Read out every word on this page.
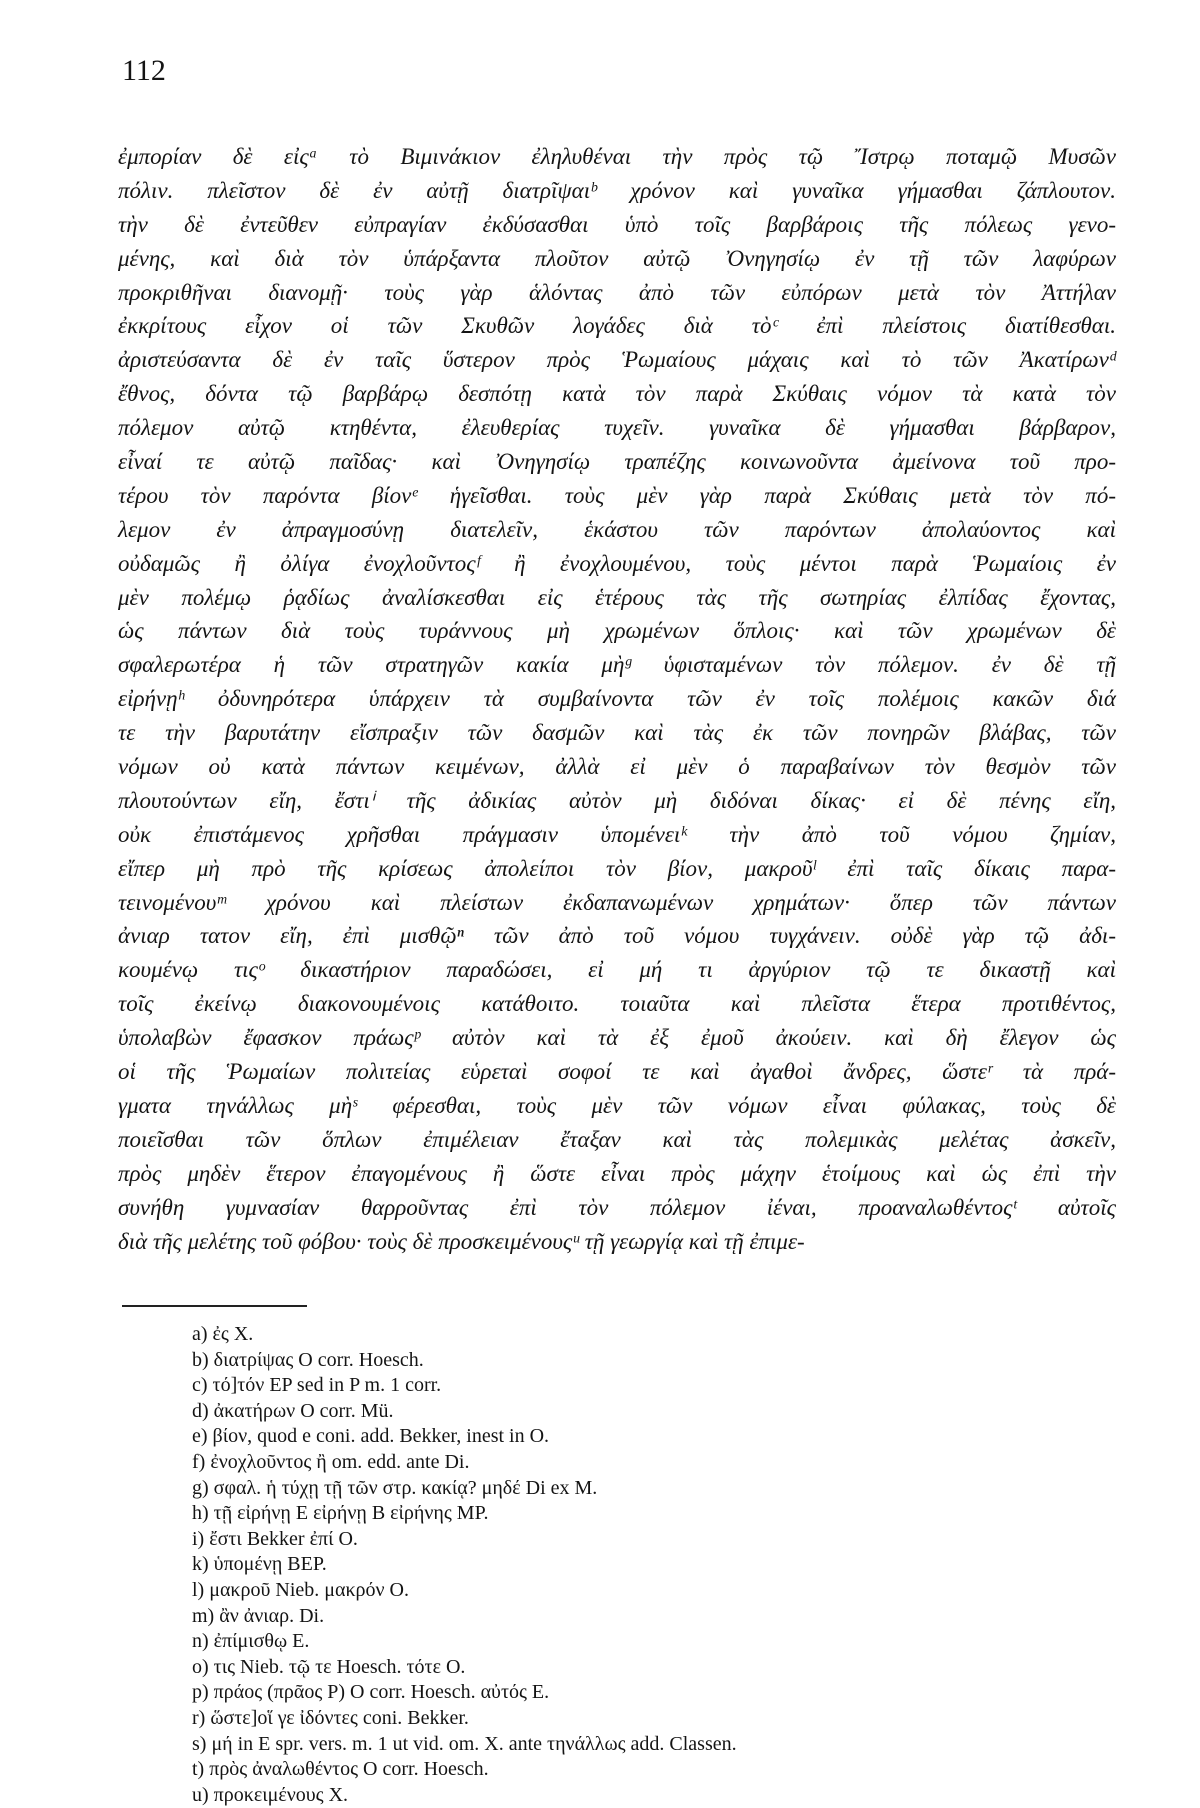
112
ἐμπορίαν δὲ εἰςᵃ τὸ Βιμινάκιον ἐληλυθέναι τὴν πρὸς τῷ Ἴστρῳ ποταμῷ Μυσῶν
πόλιν. πλεῖστον δὲ ἐν αὐτῇ διατρῖψαιᵇ χρόνον καὶ γυναῖκα γήμασθαι ζάπλουτον.
τὴν δὲ ἐντεῦθεν εὐπραγίαν ἐκδύσασθαι ὑπὸ τοῖς βαρβάροις τῆς πόλεως γενο-
μένης, καὶ διὰ τὸν ὑπάρξαντα πλοῦτον αὐτῷ Ὀνηγησίῳ ἐν τῇ τῶν λαφύρων
προκριθῆναι διανομῇ· τοὺς γὰρ ἁλόντας ἀπὸ τῶν εὐπόρων μετὰ τὸν Ἀττήλαν
ἐκκρίτους εἶχον οἱ τῶν Σκυθῶν λογάδες διὰ τὸᶜ ἐπὶ πλείστοις διατίθεσθαι.
ἀριστεύσαντα δὲ ἐν ταῖς ὕστερον πρὸς Ῥωμαίους μάχαις καὶ τὸ τῶν Ἀκατίρωνᵈ
ἔθνος, δόντα τῷ βαρβάρῳ δεσπότῃ κατὰ τὸν παρὰ Σκύθαις νόμον τὰ κατὰ τὸν
πόλεμον αὐτῷ κτηθέντα, ἐλευθερίας τυχεῖν. γυναῖκα δὲ γήμασθαι βάρβαρον,
εἶναί τε αὐτῷ παῖδας· καὶ Ὀνηγησίῳ τραπέζης κοινωνοῦντα ἀμείνονα τοῦ προ-
τέρου τὸν παρόντα βίονᵉ ἡγεῖσθαι. τοὺς μὲν γὰρ παρὰ Σκύθαις μετὰ τὸν πό-
λεμον ἐν ἀπραγμοσύνῃ διατελεῖν, ἑκάστου τῶν παρόντων ἀπολαύοντος καὶ
οὐδαμῶς ἢ ὀλίγα ἐνοχλοῦντοςᶠ ἢ ἐνοχλουμένου, τοὺς μέντοι παρὰ Ῥωμαίοις ἐν
μὲν πολέμῳ ῥᾳδίως ἀναλίσκεσθαι εἰς ἑτέρους τὰς τῆς σωτηρίας ἐλπίδας ἔχοντας,
ὡς πάντων διὰ τοὺς τυράννους μὴ χρωμένων ὅπλοις· καὶ τῶν χρωμένων δὲ
σφαλερωτέρα ἡ τῶν στρατηγῶν κακία μὴᵍ ὑφισταμένων τὸν πόλεμον. ἐν δὲ τῇ
εἰρήνῃʰ ὀδυνηρότερα ὑπάρχειν τὰ συμβαίνοντα τῶν ἐν τοῖς πολέμοις κακῶν διά
τε τὴν βαρυτάτην εἴσπραξιν τῶν δασμῶν καὶ τὰς ἐκ τῶν πονηρῶν βλάβας, τῶν
νόμων οὐ κατὰ πάντων κειμένων, ἀλλὰ εἰ μὲν ὁ παραβαίνων τὸν θεσμὸν τῶν
πλουτούντων εἴη, ἔστιⁱ τῆς ἀδικίας αὐτὸν μὴ διδόναι δίκας· εἰ δὲ πένης εἴη,
οὐκ ἐπιστάμενος χρῆσθαι πράγμασιν ὑπομένειᵏ τὴν ἀπὸ τοῦ νόμου ζημίαν,
εἴπερ μὴ πρὸ τῆς κρίσεως ἀπολείποι τὸν βίον, μακροῦˡ ἐπὶ ταῖς δίκαις παρα-
τεινομένουᵐ χρόνου καὶ πλείστων ἐκδαπανωμένων χρημάτων· ὅπερ τῶν πάντων
ἀνιαρ τατον εἴη, ἐπὶ μισθῷⁿ τῶν ἀπὸ τοῦ νόμου τυγχάνειν. οὐδὲ γὰρ τῷ ἀδι-
κουμένῳ τιςᵒ δικαστήριον παραδώσει, εἰ μή τι ἀργύριον τῷ τε δικαστῇ καὶ
τοῖς ἐκείνῳ διακονουμένοις κατάθοιτο. τοιαῦτα καὶ πλεῖστα ἕτερα προτιθέντος,
ὑπολαβὼν ἔφασκον πράωςᵖ αὐτὸν καὶ τὰ ἐξ ἐμοῦ ἀκούειν. καὶ δὴ ἔλεγον ὡς
οἱ τῆς Ῥωμαίων πολιτείας εὑρεταὶ σοφοί τε καὶ ἀγαθοὶ ἄνδρες, ὥστεʳ τὰ πρά-
γματα τηνάλλως μὴˢ φέρεσθαι, τοὺς μὲν τῶν νόμων εἶναι φύλακας, τοὺς δὲ
ποιεῖσθαι τῶν ὅπλων ἐπιμέλειαν ἔταξαν καὶ τὰς πολεμικὰς μελέτας ἀσκεῖν,
πρὸς μηδὲν ἕτερον ἐπαγομένους ἢ ὥστε εἶναι πρὸς μάχην ἑτοίμους καὶ ὡς ἐπὶ τὴν
συνήθη γυμνασίαν θαρροῦντας ἐπὶ τὸν πόλεμον ἰέναι, προαναλωθέντοςᵗ αὐτοῖς
διὰ τῆς μελέτης τοῦ φόβου· τοὺς δὲ προσκειμένουςᵘ τῇ γεωργίᾳ καὶ τῇ ἐπιμε-
a) ἐς X.
b) διατρίψας O corr. Hoesch.
c) τό]τόν EP sed in P m. 1 corr.
d) ἀκατήρων O corr. Mü.
e) βίον, quod e coni. add. Bekker, inest in O.
f) ἐνοχλοῦντος ἢ om. edd. ante Di.
g) σφαλ. ἡ τύχῃ τῇ τῶν στρ. κακίᾳ? μηδέ Di ex M.
h) τῇ εἰρήνῃ E εἰρήνῃ B εἰρήνης MP.
i) ἔστι Bekker ἐπί O.
k) ὑπομένῃ BEP.
l) μακροῦ Nieb. μακρόν O.
m) ἂν ἀνιαρ. Di.
n) ἐπίμισθῳ E.
o) τις Nieb. τῷ τε Hoesch. τότε O.
p) πράος (πρᾶος P) O corr. Hoesch. αὐτός E.
r) ὥστε]οἵ γε ἰδόντες coni. Bekker.
s) μή in E spr. vers. m. 1 ut vid. om. X. ante τηνάλλως add. Classen.
t) πρὸς ἀναλωθέντος O corr. Hoesch.
u) προκειμένους X.
